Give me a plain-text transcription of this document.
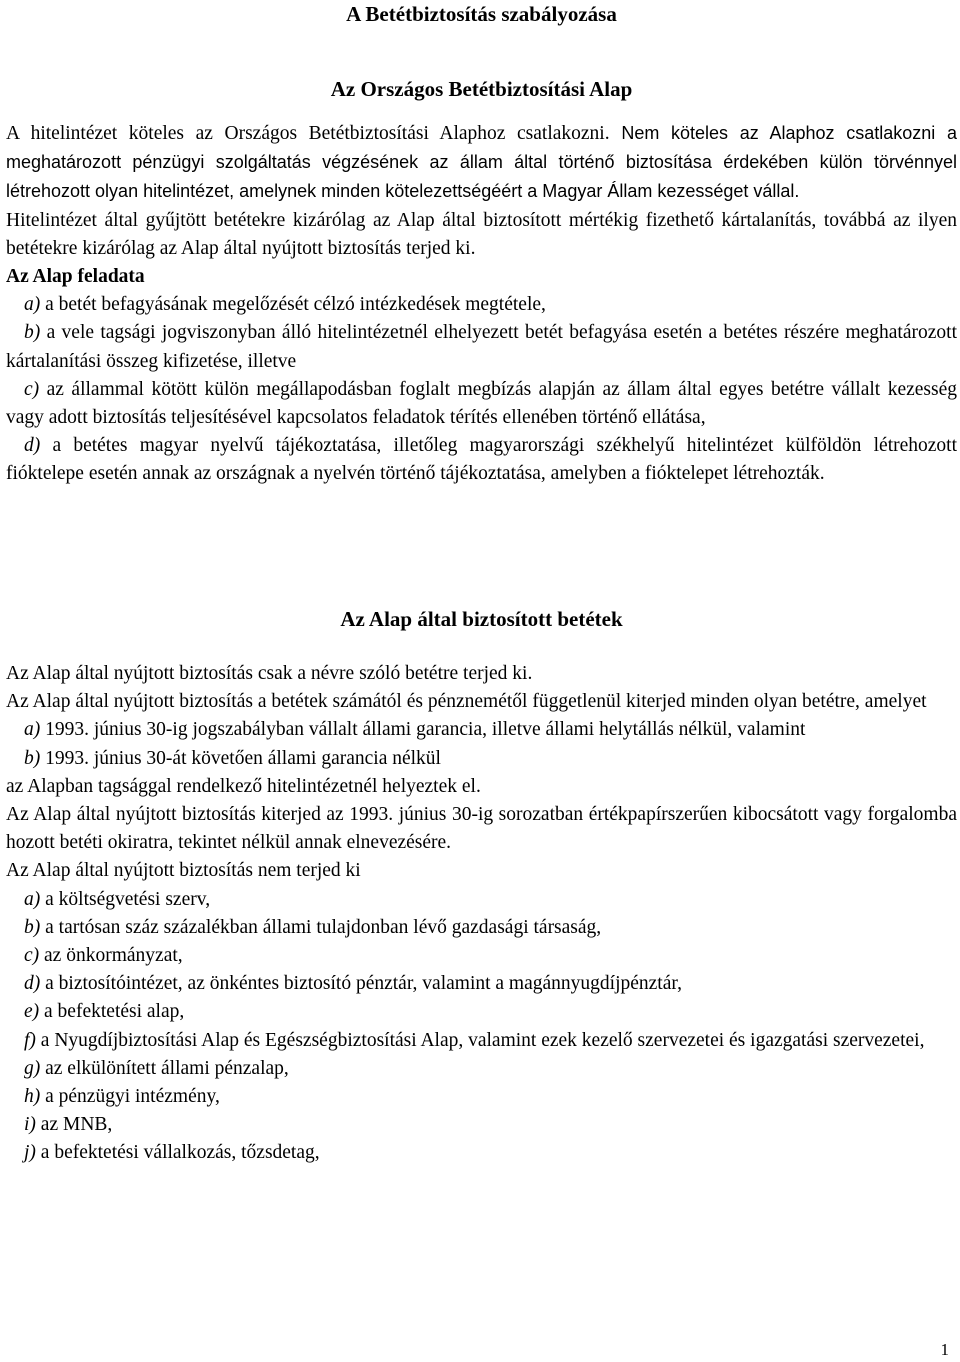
A Betétbiztosítás szabályozása
Az Országos Betétbiztosítási Alap

A hitelintézet köteles az Országos Betétbiztosítási Alaphoz csatlakozni. Nem köteles az Alaphoz csatlakozni a meghatározott pénzügyi szolgáltatás végzésének az állam által történő biztosítása érdekében külön törvénnyel létrehozott olyan hitelintézet, amelynek minden kötelezettségéért a Magyar Állam kezességet vállal.

Hitelintézet által gyűjtött betétekre kizárólag az Alap által biztosított mértékig fizethető kártalanítás, továbbá az ilyen betétekre kizárólag az Alap által nyújtott biztosítás terjed ki.

Az Alap feladata

a) a betét befagyásának megelőzését célzó intézkedések megtétele,

b) a vele tagsági jogviszonyban álló hitelintézetnél elhelyezett betét befagyása esetén a betétes részére meghatározott kártalanítási összeg kifizetése, illetve

c) az állammal kötött külön megállapodásban foglalt megbízás alapján az állam által egyes betétre vállalt kezesség vagy adott biztosítás teljesítésével kapcsolatos feladatok térítés ellenében történő ellátása,

d) a betétes magyar nyelvű tájékoztatása, illetőleg magyarországi székhelyű hitelintézet külföldön létrehozott fióktelepe esetén annak az országnak a nyelvén történő tájékoztatása, amelyben a fióktelepet létrehozták.

Az Alap által biztosított betétek

Az Alap által nyújtott biztosítás csak a névre szóló betétre terjed ki.

Az Alap által nyújtott biztosítás a betétek számától és pénznemétől függetlenül kiterjed minden olyan betétre, amelyet

a) 1993. június 30-ig jogszabályban vállalt állami garancia, illetve állami helytállás nélkül, valamint

b) 1993. június 30-át követően állami garancia nélkül

az Alapban tagsággal rendelkező hitelintézetnél helyeztek el.

Az Alap által nyújtott biztosítás kiterjed az 1993. június 30-ig sorozatban értékpapírszerűen kibocsátott vagy forgalomba hozott betéti okiratra, tekintet nélkül annak elnevezésére.

Az Alap által nyújtott biztosítás nem terjed ki

a) a költségvetési szerv,

b) a tartósan száz százalékban állami tulajdonban lévő gazdasági társaság,

c) az önkormányzat,

d) a biztosítóintézet, az önkéntes biztosító pénztár, valamint a magánnyugdíjpénztár,

e) a befektetési alap,

f) a Nyugdíjbiztosítási Alap és Egészségbiztosítási Alap, valamint ezek kezelő szervezetei és igazgatási szervezetei,

g) az elkülönített állami pénzalap,

h) a pénzügyi intézmény,

i) az MNB,

j) a befektetési vállalkozás, tőzsdetag,

1
